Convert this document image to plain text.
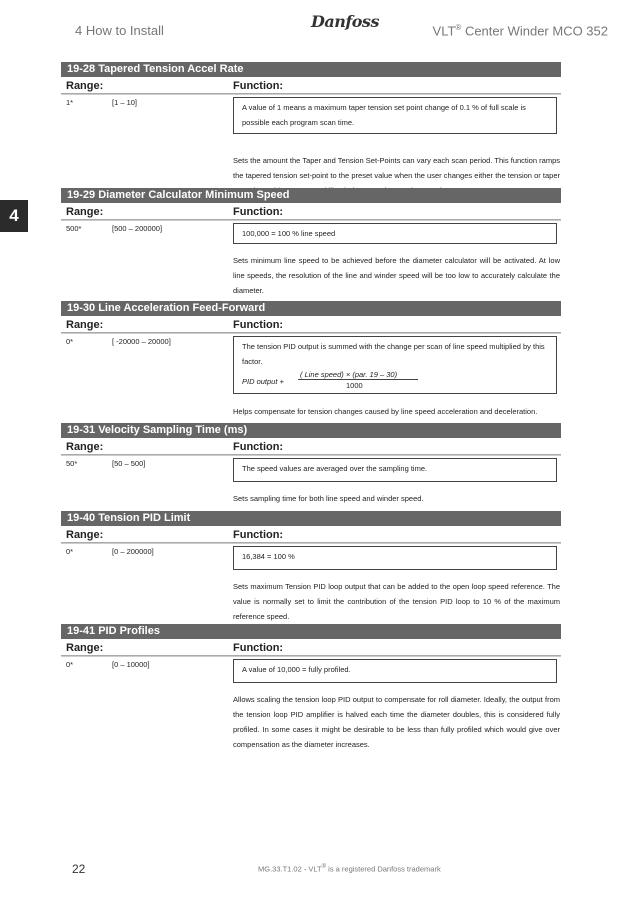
4 How to Install	Danfoss	VLT® Center Winder MCO 352
4
19-28 Tapered Tension Accel Rate
Range:	Function:
1*	[1 – 10]
A value of 1 means a maximum taper tension set point change of 0.1 % of full scale is possible each program scan time.
Sets the amount the Taper and Tension Set-Points can vary each scan period. This function ramps the tapered tension set-point to the preset value when the user changes either the tension or taper
19-29 Diameter Calculator Minimum Speed
Range:	Function:
500*	[500 – 200000]
100,000 = 100 % line speed
Sets minimum line speed to be achieved before the diameter calculator will be activated. At low line speeds, the resolution of the line and winder speed will be too low to accurately calculate the diameter.
19-30 Line Acceleration Feed-Forward
Range:	Function:
0*	[ -20000 – 20000]
The tension PID output is summed with the change per scan of line speed multiplied by this factor.
PID output +
( Line speed) × (par. 19 – 30)
1000
Helps compensate for tension changes caused by line speed acceleration and deceleration.
19-31 Velocity Sampling Time (ms)
Range:	Function:
50*	[50 – 500]
The speed values are averaged over the sampling time.
Sets sampling time for both line speed and winder speed.
19-40 Tension PID Limit
Range:	Function:
0*	[0 – 200000]
16,384 = 100 %
Sets maximum Tension PID loop output that can be added to the open loop speed reference. The value is normally set to limit the contribution of the tension PID loop to 10 % of the maximum reference speed.
19-41 PID Profiles
Range:	Function:
0*	[0 – 10000]
A value of 10,000 = fully profiled.
Allows scaling the tension loop PID output to compensate for roll diameter. Ideally, the output from the tension loop PID amplifier is halved each time the diameter doubles, this is considered fully profiled. In some cases it might be desirable to be less than fully profiled which would give over compensation as the diameter increases.
22	MG.33.T1.02 - VLT® is a registered Danfoss trademark
